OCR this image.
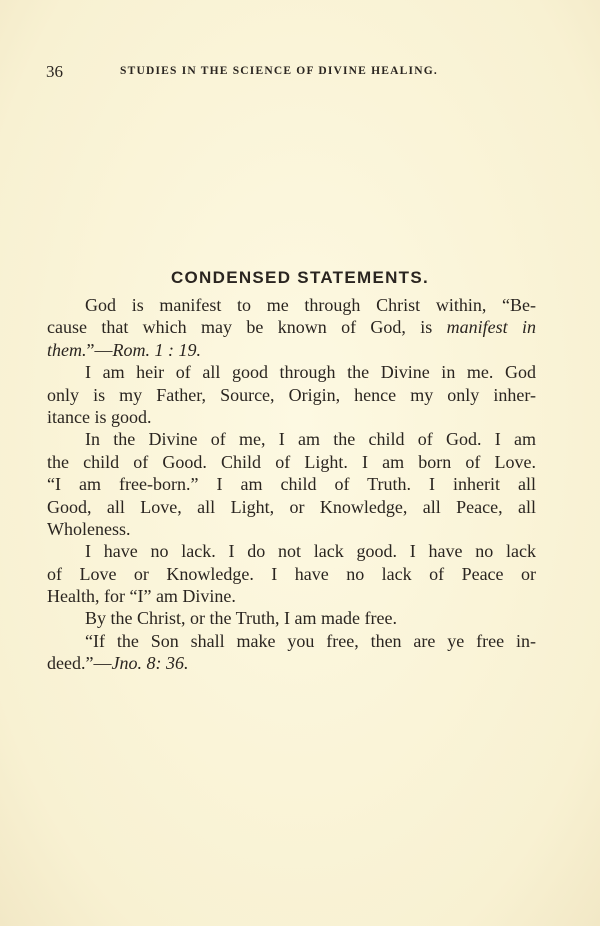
36	STUDIES IN THE SCIENCE OF DIVINE HEALING.
CONDENSED STATEMENTS.
God is manifest to me through Christ within, “Be-
cause that which may be known of God, is manifest in
them.”—Rom. 1 : 19.
I am heir of all good through the Divine in me. God
only is my Father, Source, Origin, hence my only inher-
itance is good.
In the Divine of me, I am the child of God. I am
the child of Good. Child of Light. I am born of Love.
“I am free-born.” I am child of Truth. I inherit all
Good, all Love, all Light, or Knowledge, all Peace, all
Wholeness.
I have no lack. I do not lack good. I have no lack
of Love or Knowledge. I have no lack of Peace or
Health, for “I” am Divine.
By the Christ, or the Truth, I am made free.
“If the Son shall make you free, then are ye free in-
deed.”—Jno. 8: 36.
